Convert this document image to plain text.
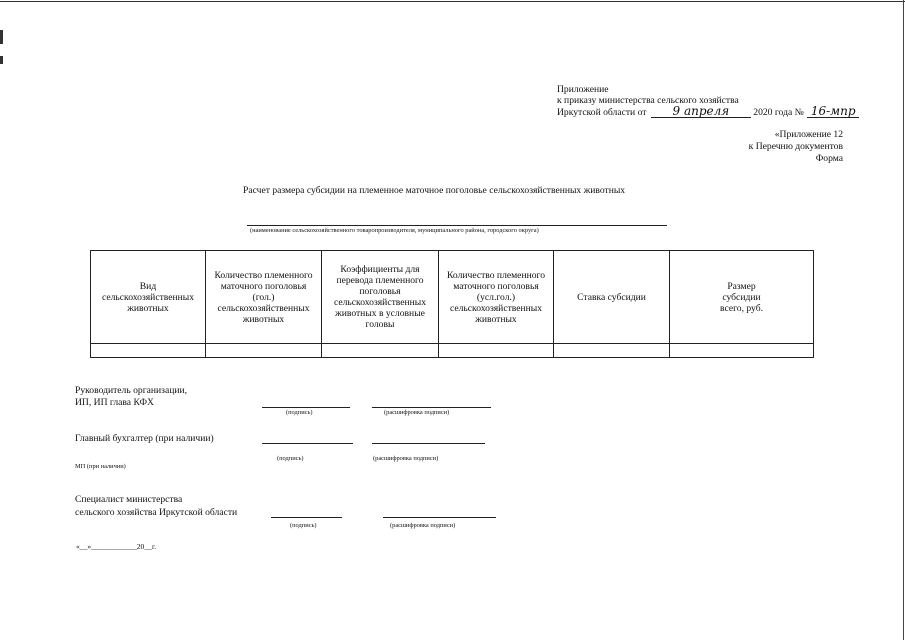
Приложение
к приказу министерства сельского хозяйства
Иркутской области от 9 апреля	2020 года № 16-мпр
«Приложение 12
к Перечню документов
Форма
Расчет размера субсидии на племенное маточное поголовье сельскохозяйственных животных
(наименование сельскохозяйственного товаропроизводителя, муниципального района, городского округа)
Вид сельскохозяйственных животных	Количество племенного маточного поголовья (гол.) сельскохозяйственных животных	Коэффициенты для перевода племенного поголовья сельскохозяйственных животных в условные головы	Количество племенного маточного поголовья (усл.гол.) сельскохозяйственных животных	Ставка субсидии	Размер субсидии всего, руб.

Руководитель организации,
ИП, ИП глава КФХ
(подпись)	(расшифровка подписи)
Главный бухгалтер (при наличии)
(подпись)	(расшифровка подписи)
МП (при наличии)
Специалист министерства
сельского хозяйства Иркутской области
(подпись)	(расшифровка подписи)
«__»____________20__г.
